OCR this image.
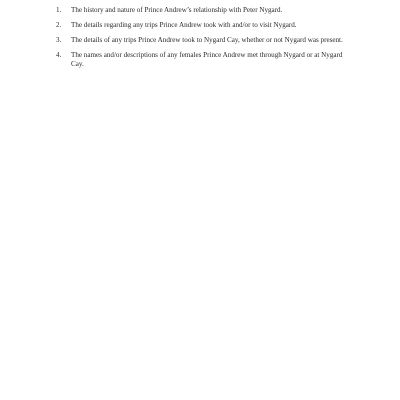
1. The history and nature of Prince Andrew’s relationship with Peter Nygard.
2. The details regarding any trips Prince Andrew took with and/or to visit Nygard.
3. The details of any trips Prince Andrew took to Nygard Cay, whether or not Nygard was present.
4. The names and/or descriptions of any females Prince Andrew met through Nygard or at Nygard Cay.
